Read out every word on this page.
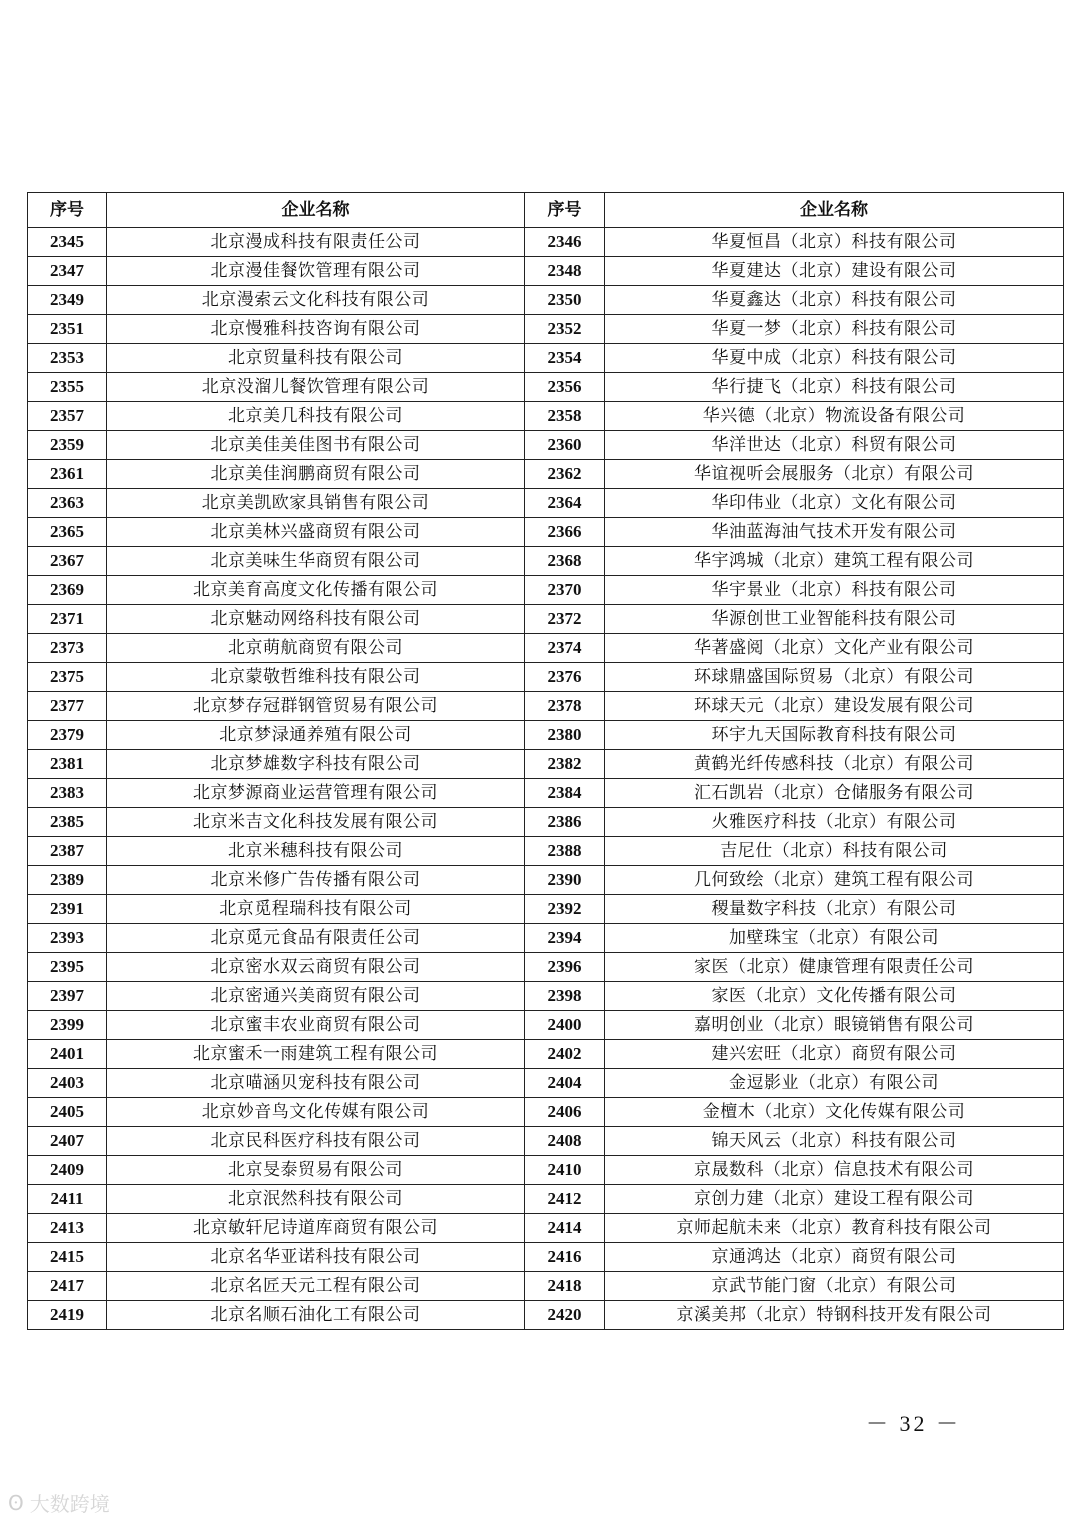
序号	企业名称	序号	企业名称
2345	北京漫成科技有限责任公司	2346	华夏恒昌（北京）科技有限公司
2347	北京漫佳餐饮管理有限公司	2348	华夏建达（北京）建设有限公司
2349	北京漫索云文化科技有限公司	2350	华夏鑫达（北京）科技有限公司
2351	北京慢雅科技咨询有限公司	2352	华夏一梦（北京）科技有限公司
2353	北京贸量科技有限公司	2354	华夏中成（北京）科技有限公司
2355	北京没溜儿餐饮管理有限公司	2356	华行捷飞（北京）科技有限公司
2357	北京美几科技有限公司	2358	华兴德（北京）物流设备有限公司
2359	北京美佳美佳图书有限公司	2360	华洋世达（北京）科贸有限公司
2361	北京美佳润鹏商贸有限公司	2362	华谊视听会展服务（北京）有限公司
2363	北京美凯欧家具销售有限公司	2364	华印伟业（北京）文化有限公司
2365	北京美林兴盛商贸有限公司	2366	华油蓝海油气技术开发有限公司
2367	北京美味生华商贸有限公司	2368	华宇鸿城（北京）建筑工程有限公司
2369	北京美育高度文化传播有限公司	2370	华宇景业（北京）科技有限公司
2371	北京魅动网络科技有限公司	2372	华源创世工业智能科技有限公司
2373	北京萌航商贸有限公司	2374	华著盛阅（北京）文化产业有限公司
2375	北京蒙敬哲维科技有限公司	2376	环球鼎盛国际贸易（北京）有限公司
2377	北京梦存冠群钢管贸易有限公司	2378	环球天元（北京）建设发展有限公司
2379	北京梦渌通养殖有限公司	2380	环宇九天国际教育科技有限公司
2381	北京梦雄数字科技有限公司	2382	黄鹤光纤传感科技（北京）有限公司
2383	北京梦源商业运营管理有限公司	2384	汇石凯岩（北京）仓储服务有限公司
2385	北京米吉文化科技发展有限公司	2386	火雅医疗科技（北京）有限公司
2387	北京米穗科技有限公司	2388	吉尼仕（北京）科技有限公司
2389	北京米修广告传播有限公司	2390	几何致绘（北京）建筑工程有限公司
2391	北京觅程瑞科技有限公司	2392	稷量数字科技（北京）有限公司
2393	北京觅元食品有限责任公司	2394	加壁珠宝（北京）有限公司
2395	北京密水双云商贸有限公司	2396	家医（北京）健康管理有限责任公司
2397	北京密通兴美商贸有限公司	2398	家医（北京）文化传播有限公司
2399	北京蜜丰农业商贸有限公司	2400	嘉明创业（北京）眼镜销售有限公司
2401	北京蜜禾一雨建筑工程有限公司	2402	建兴宏旺（北京）商贸有限公司
2403	北京喵涵贝宠科技有限公司	2404	金逗影业（北京）有限公司
2405	北京妙音鸟文化传媒有限公司	2406	金檀木（北京）文化传媒有限公司
2407	北京民科医疗科技有限公司	2408	锦天风云（北京）科技有限公司
2409	北京旻泰贸易有限公司	2410	京晟数科（北京）信息技术有限公司
2411	北京泯然科技有限公司	2412	京创力建（北京）建设工程有限公司
2413	北京敏轩尼诗道库商贸有限公司	2414	京师起航未来（北京）教育科技有限公司
2415	北京名华亚诺科技有限公司	2416	京通鸿达（北京）商贸有限公司
2417	北京名匠天元工程有限公司	2418	京武节能门窗（北京）有限公司
2419	北京名顺石油化工有限公司	2420	京溪美邦（北京）特钢科技开发有限公司
－ 32 －
ʘ 大数跨境
